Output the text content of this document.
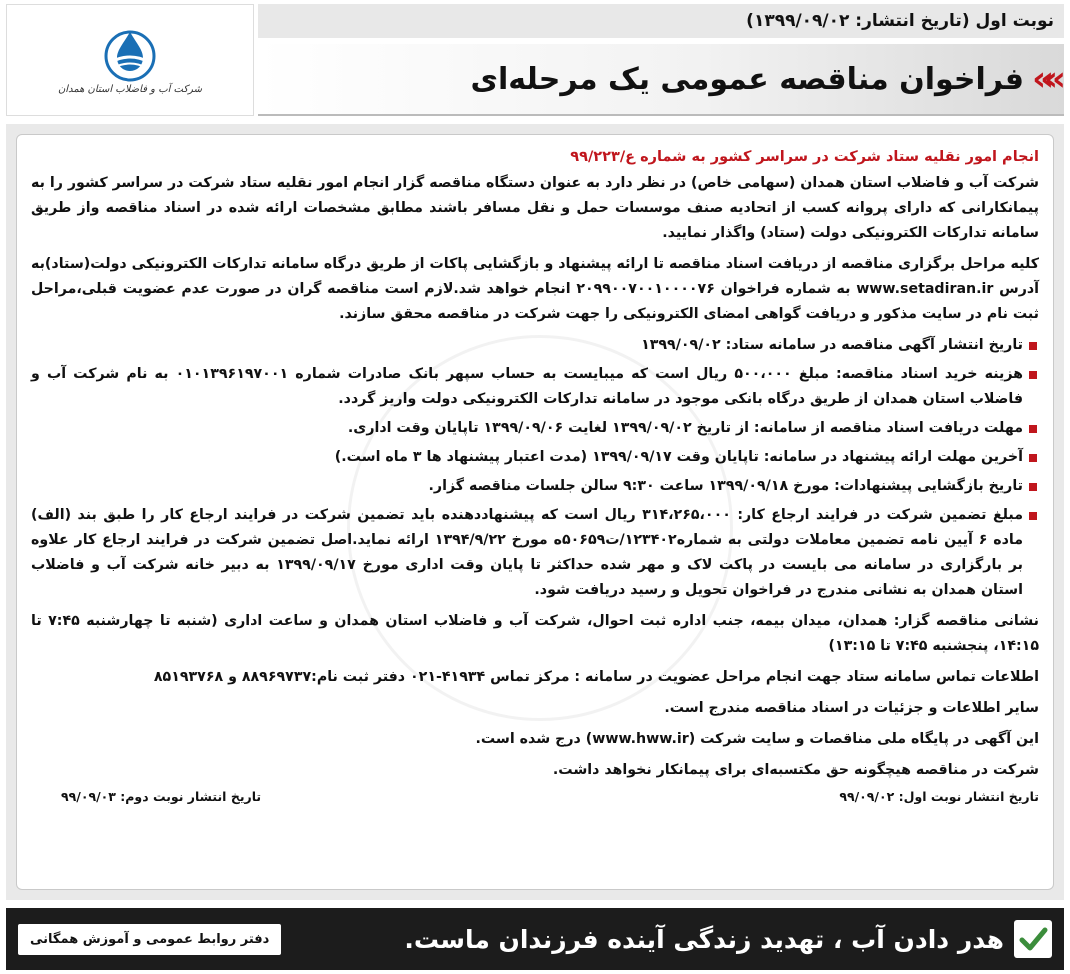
نوبت اول (تاریخ انتشار: ۱۳۹۹/۰۹/۰۲)
»»
فراخوان مناقصه عمومی یک مرحله‌ای
شرکت آب و فاضلاب استان همدان
انجام امور نقلیه ستاد شرکت در سراسر کشور به شماره ع/۹۹/۲۲۳

شرکت آب و فاضلاب استان همدان (سهامی خاص) در نظر دارد به عنوان دستگاه مناقصه گزار انجام امور نقلیه ستاد شرکت در سراسر کشور را به پیمانکارانی که دارای پروانه کسب از اتحادیه صنف موسسات حمل و نقل مسافر باشند مطابق مشخصات ارائه شده در اسناد مناقصه واز طریق سامانه تدارکات الکترونیکی دولت (ستاد) واگذار نمایید.

کلیه مراحل برگزاری مناقصه از دریافت اسناد مناقصه تا ارائه پیشنهاد و بازگشایی پاکات از طریق درگاه سامانه تدارکات الکترونیکی دولت(ستاد)به آدرس www.setadiran.ir به شماره فراخوان ۲۰۹۹۰۰۷۰۰۱۰۰۰۰۷۶ انجام خواهد شد.لازم است مناقصه گران در صورت عدم عضویت قبلی،مراحل ثبت نام در سایت مذکور و دریافت گواهی امضای الکترونیکی را جهت شرکت در مناقصه محقق سازند.

تاریخ انتشار آگهی مناقصه در سامانه ستاد: ۱۳۹۹/۰۹/۰۲
هزینه خرید اسناد مناقصه: مبلغ ۵۰۰،۰۰۰ ریال است که میبایست به حساب سپهر بانک صادرات شماره ۰۱۰۱۳۹۶۱۹۷۰۰۱ به نام شرکت آب و فاضلاب استان همدان از طریق درگاه بانکی موجود در سامانه تدارکات الکترونیکی دولت واریز گردد.
مهلت دریافت اسناد مناقصه از سامانه: از تاریخ ۱۳۹۹/۰۹/۰۲ لغایت ۱۳۹۹/۰۹/۰۶ تاپایان وقت اداری.
آخرین مهلت ارائه پیشنهاد در سامانه: تاپایان وقت ۱۳۹۹/۰۹/۱۷ (مدت اعتبار پیشنهاد ها ۳ ماه است.)
تاریخ بازگشایی پیشنهادات: مورخ ۱۳۹۹/۰۹/۱۸ ساعت ۹:۳۰ سالن جلسات مناقصه گزار.
مبلغ تضمین شرکت در فرایند ارجاع کار: ۳۱۴،۲۶۵،۰۰۰ ریال است که پیشنهاددهنده باید تضمین شرکت در فرایند ارجاع کار را طبق بند (الف) ماده ۶ آیین نامه تضمین معاملات دولتی به شماره۱۲۳۴۰۲/ت۵۰۶۵۹ه مورخ ۱۳۹۴/۹/۲۲ ارائه نماید.اصل تضمین شرکت در فرایند ارجاع کار علاوه بر بارگزاری در سامانه می بایست در پاکت لاک و مهر شده حداکثر تا پایان وقت اداری مورخ ۱۳۹۹/۰۹/۱۷ به دبیر خانه شرکت آب و فاضلاب استان همدان به نشانی مندرج در فراخوان تحویل و رسید دریافت شود.

نشانی مناقصه گزار: همدان، میدان بیمه، جنب اداره ثبت احوال، شرکت آب و فاضلاب استان همدان و ساعت اداری (شنبه تا چهارشنبه ۷:۴۵ تا ۱۴:۱۵، پنجشنبه ۷:۴۵ تا ۱۳:۱۵)

اطلاعات تماس سامانه ستاد جهت انجام مراحل عضویت در سامانه : مرکز تماس ۴۱۹۳۴-۰۲۱ دفتر ثبت نام:۸۸۹۶۹۷۳۷ و ۸۵۱۹۳۷۶۸

سایر اطلاعات و جزئیات در اسناد مناقصه مندرج است.

این آگهی در پایگاه ملی مناقصات و سایت شرکت (www.hww.ir) درج شده است.

شرکت در مناقصه هیچگونه حق مکتسبه‌ای برای پیمانکار نخواهد داشت.

تاریخ انتشار نوبت اول: ۹۹/۰۹/۰۲
تاریخ انتشار نوبت دوم: ۹۹/۰۹/۰۳
هدر دادن آب ، تهدید زندگی آینده فرزندان ماست.
دفتر روابط عمومی و آموزش همگانی
